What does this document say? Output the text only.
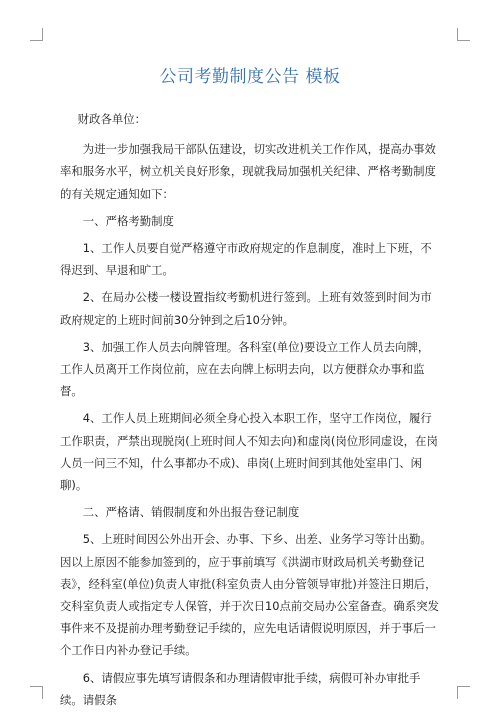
公司考勤制度公告 模板

财政各单位：

为进一步加强我局干部队伍建设，切实改进机关工作作风，提高办事效率和服务水平，树立机关良好形象，现就我局加强机关纪律、严格考勤制度的有关规定通知如下：

一、严格考勤制度

1、工作人员要自觉严格遵守市政府规定的作息制度，准时上下班，不得迟到、早退和旷工。

2、在局办公楼一楼设置指纹考勤机进行签到。上班有效签到时间为市政府规定的上班时间前30分钟到之后10分钟。

3、加强工作人员去向牌管理。各科室(单位)要设立工作人员去向牌，工作人员离开工作岗位前，应在去向牌上标明去向，以方便群众办事和监督。

4、工作人员上班期间必须全身心投入本职工作，坚守工作岗位，履行工作职责，严禁出现脱岗(上班时间人不知去向)和虚岗(岗位形同虚设，在岗人员一问三不知，什么事都办不成)、串岗(上班时间到其他处室串门、闲聊)。

二、严格请、销假制度和外出报告登记制度

5、上班时间因公外出开会、办事、下乡、出差、业务学习等计出勤。因以上原因不能参加签到的，应于事前填写《洪湖市财政局机关考勤登记表》，经科室(单位)负责人审批(科室负责人由分管领导审批)并签注日期后，交科室负责人或指定专人保管，并于次日10点前交局办公室备查。确系突发事件来不及提前办理考勤登记手续的，应先电话请假说明原因，并于事后一个工作日内补办登记手续。

6、请假应事先填写请假条和办理请假审批手续，病假可补办审批手续。请假条
